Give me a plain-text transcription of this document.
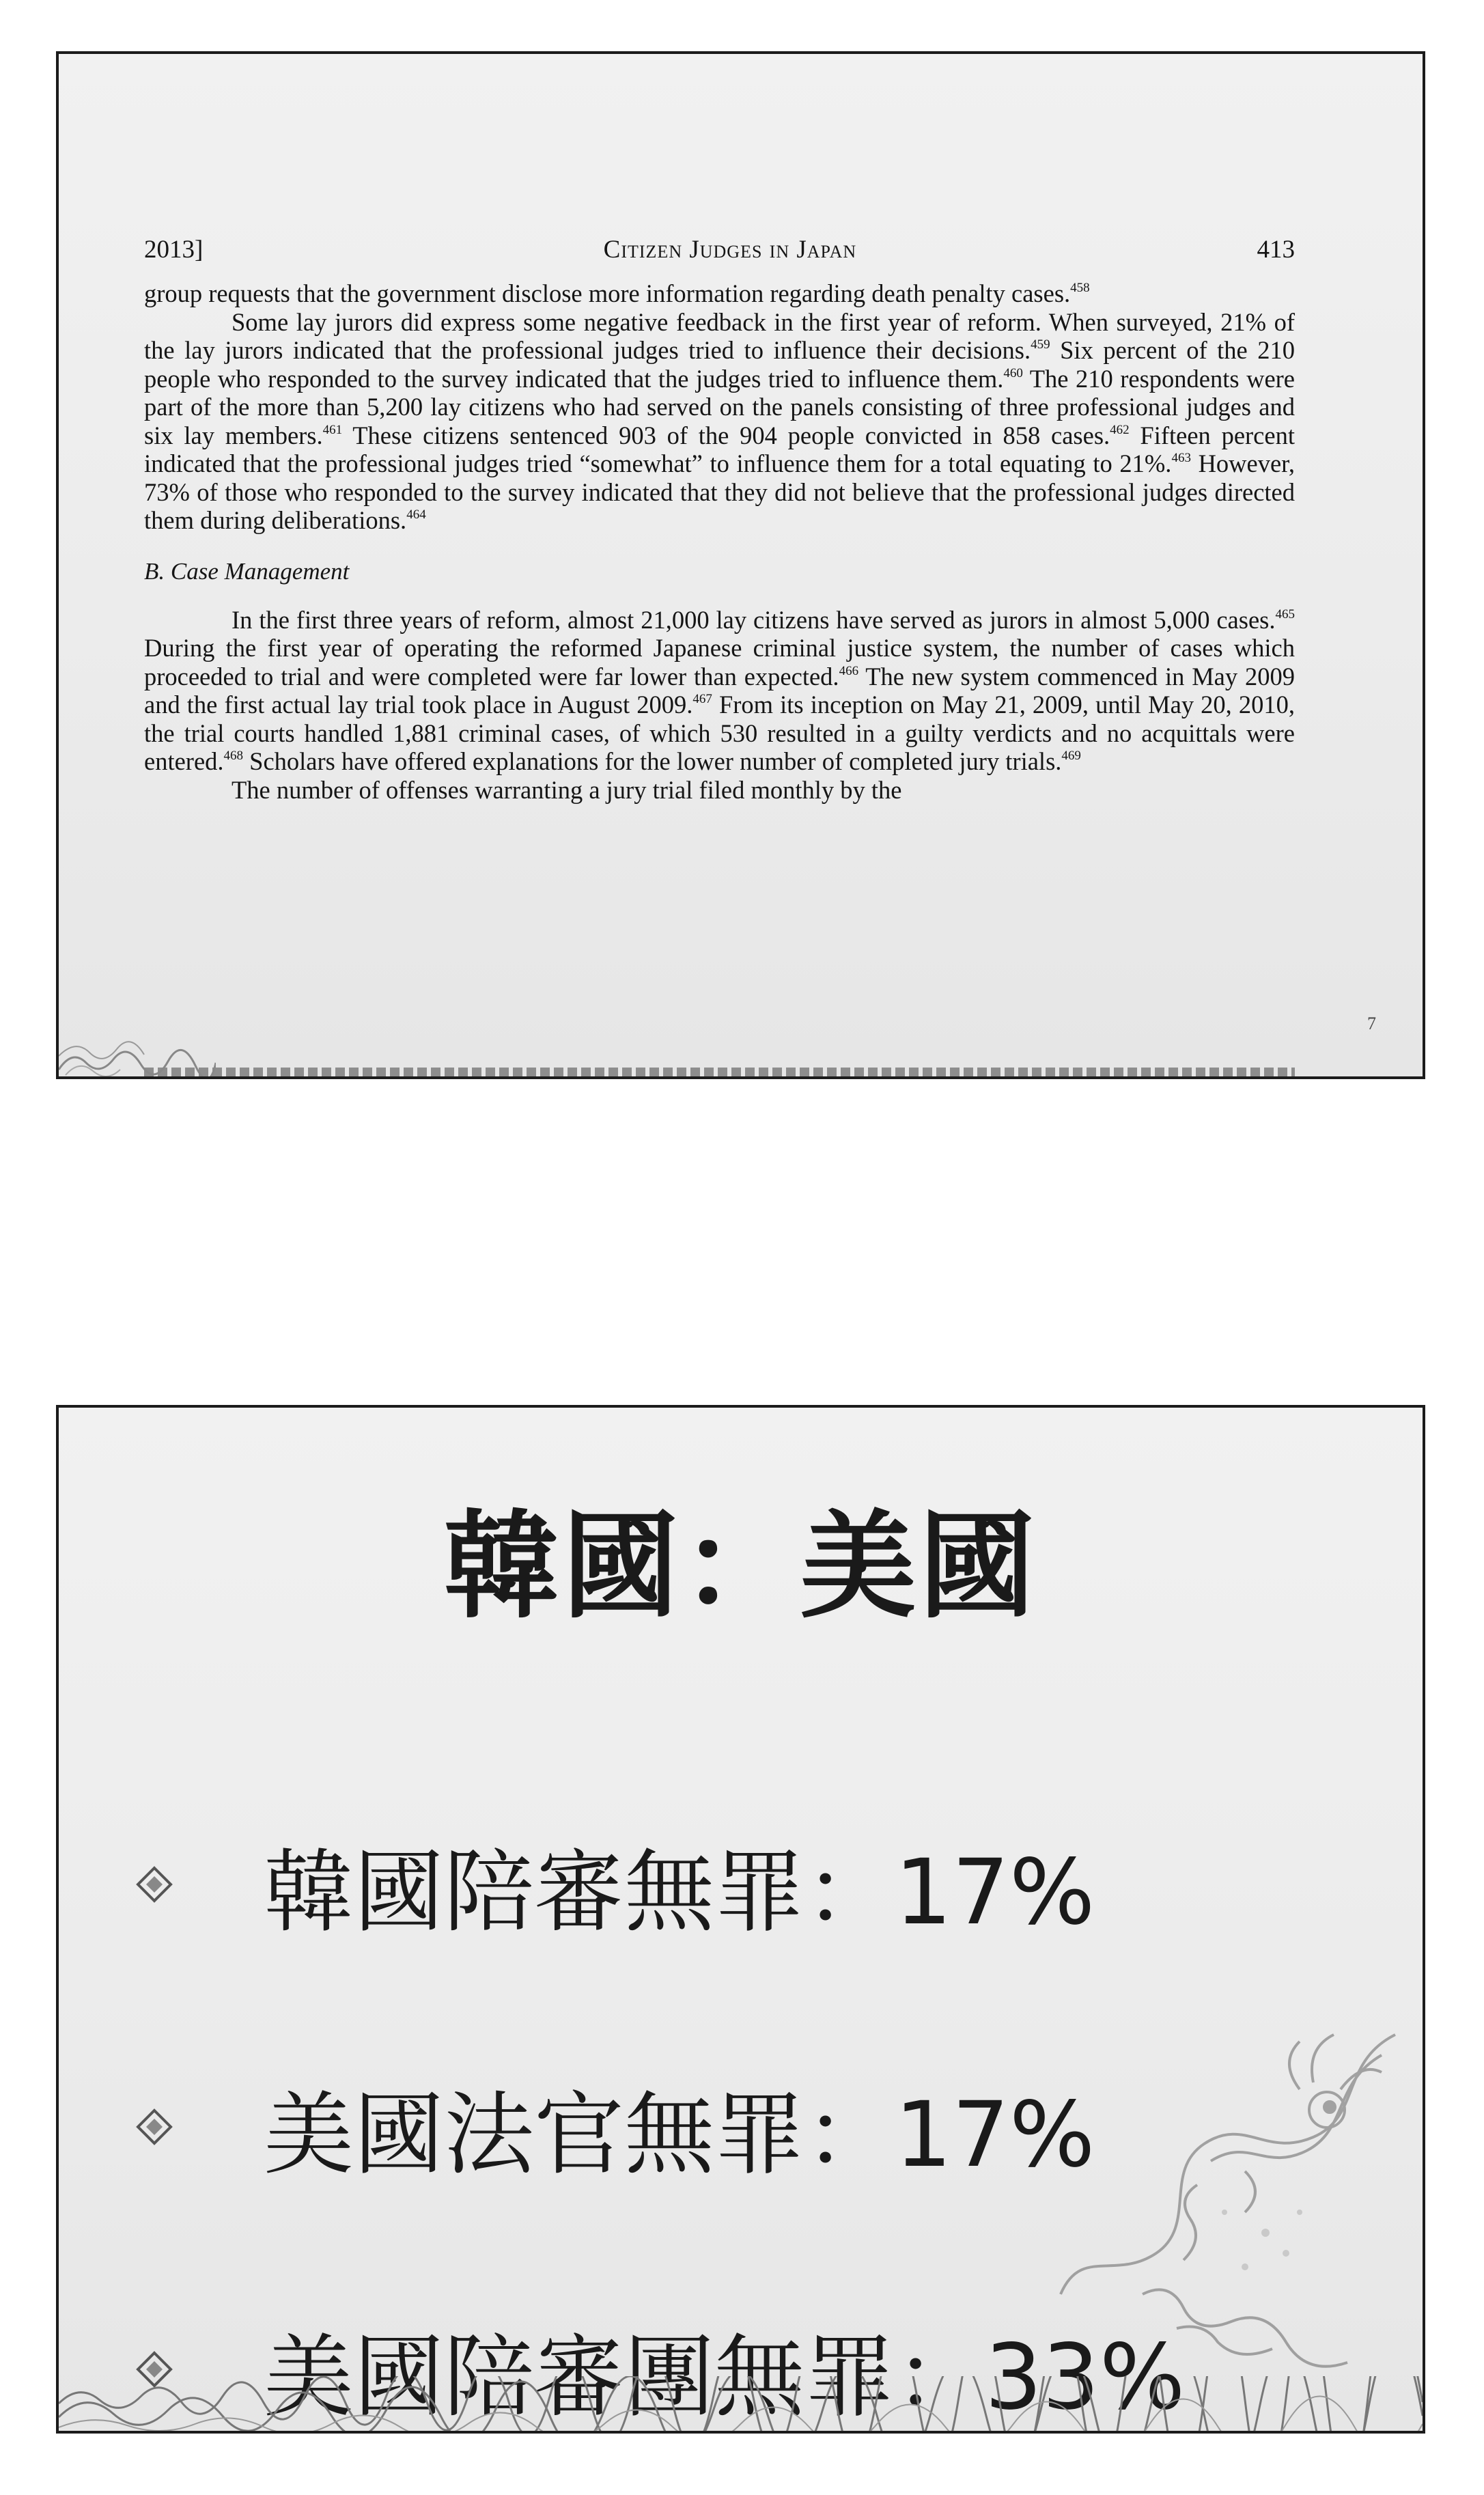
2013]	Citizen Judges in Japan	413

group requests that the government disclose more information regarding death penalty cases.$^{458}$

Some lay jurors did express some negative feedback in the first year of reform. When surveyed, 21% of the lay jurors indicated that the professional judges tried to influence their decisions.$^{459}$ Six percent of the 210 people who responded to the survey indicated that the judges tried to influence them.$^{460}$ The 210 respondents were part of the more than 5,200 lay citizens who had served on the panels consisting of three professional judges and six lay members.$^{461}$ These citizens sentenced 903 of the 904 people convicted in 858 cases.$^{462}$ Fifteen percent indicated that the professional judges tried “somewhat” to influence them for a total equating to 21%.$^{463}$ However, 73% of those who responded to the survey indicated that they did not believe that the professional judges directed them during deliberations.$^{464}$

B. Case Management

In the first three years of reform, almost 21,000 lay citizens have served as jurors in almost 5,000 cases.$^{465}$ During the first year of operating the reformed Japanese criminal justice system, the number of cases which proceeded to trial and were completed were far lower than expected.$^{466}$ The new system commenced in May 2009 and the first actual lay trial took place in August 2009.$^{467}$ From its inception on May 21, 2009, until May 20, 2010, the trial courts handled 1,881 criminal cases, of which 530 resulted in a guilty verdicts and no acquittals were entered.$^{468}$ Scholars have offered explanations for the lower number of completed jury trials.$^{469}$

The number of offenses warranting a jury trial filed monthly by the

7
韓國：美國
韓國陪審無罪：17%
美國法官無罪：17%
美國陪審團無罪：33%
